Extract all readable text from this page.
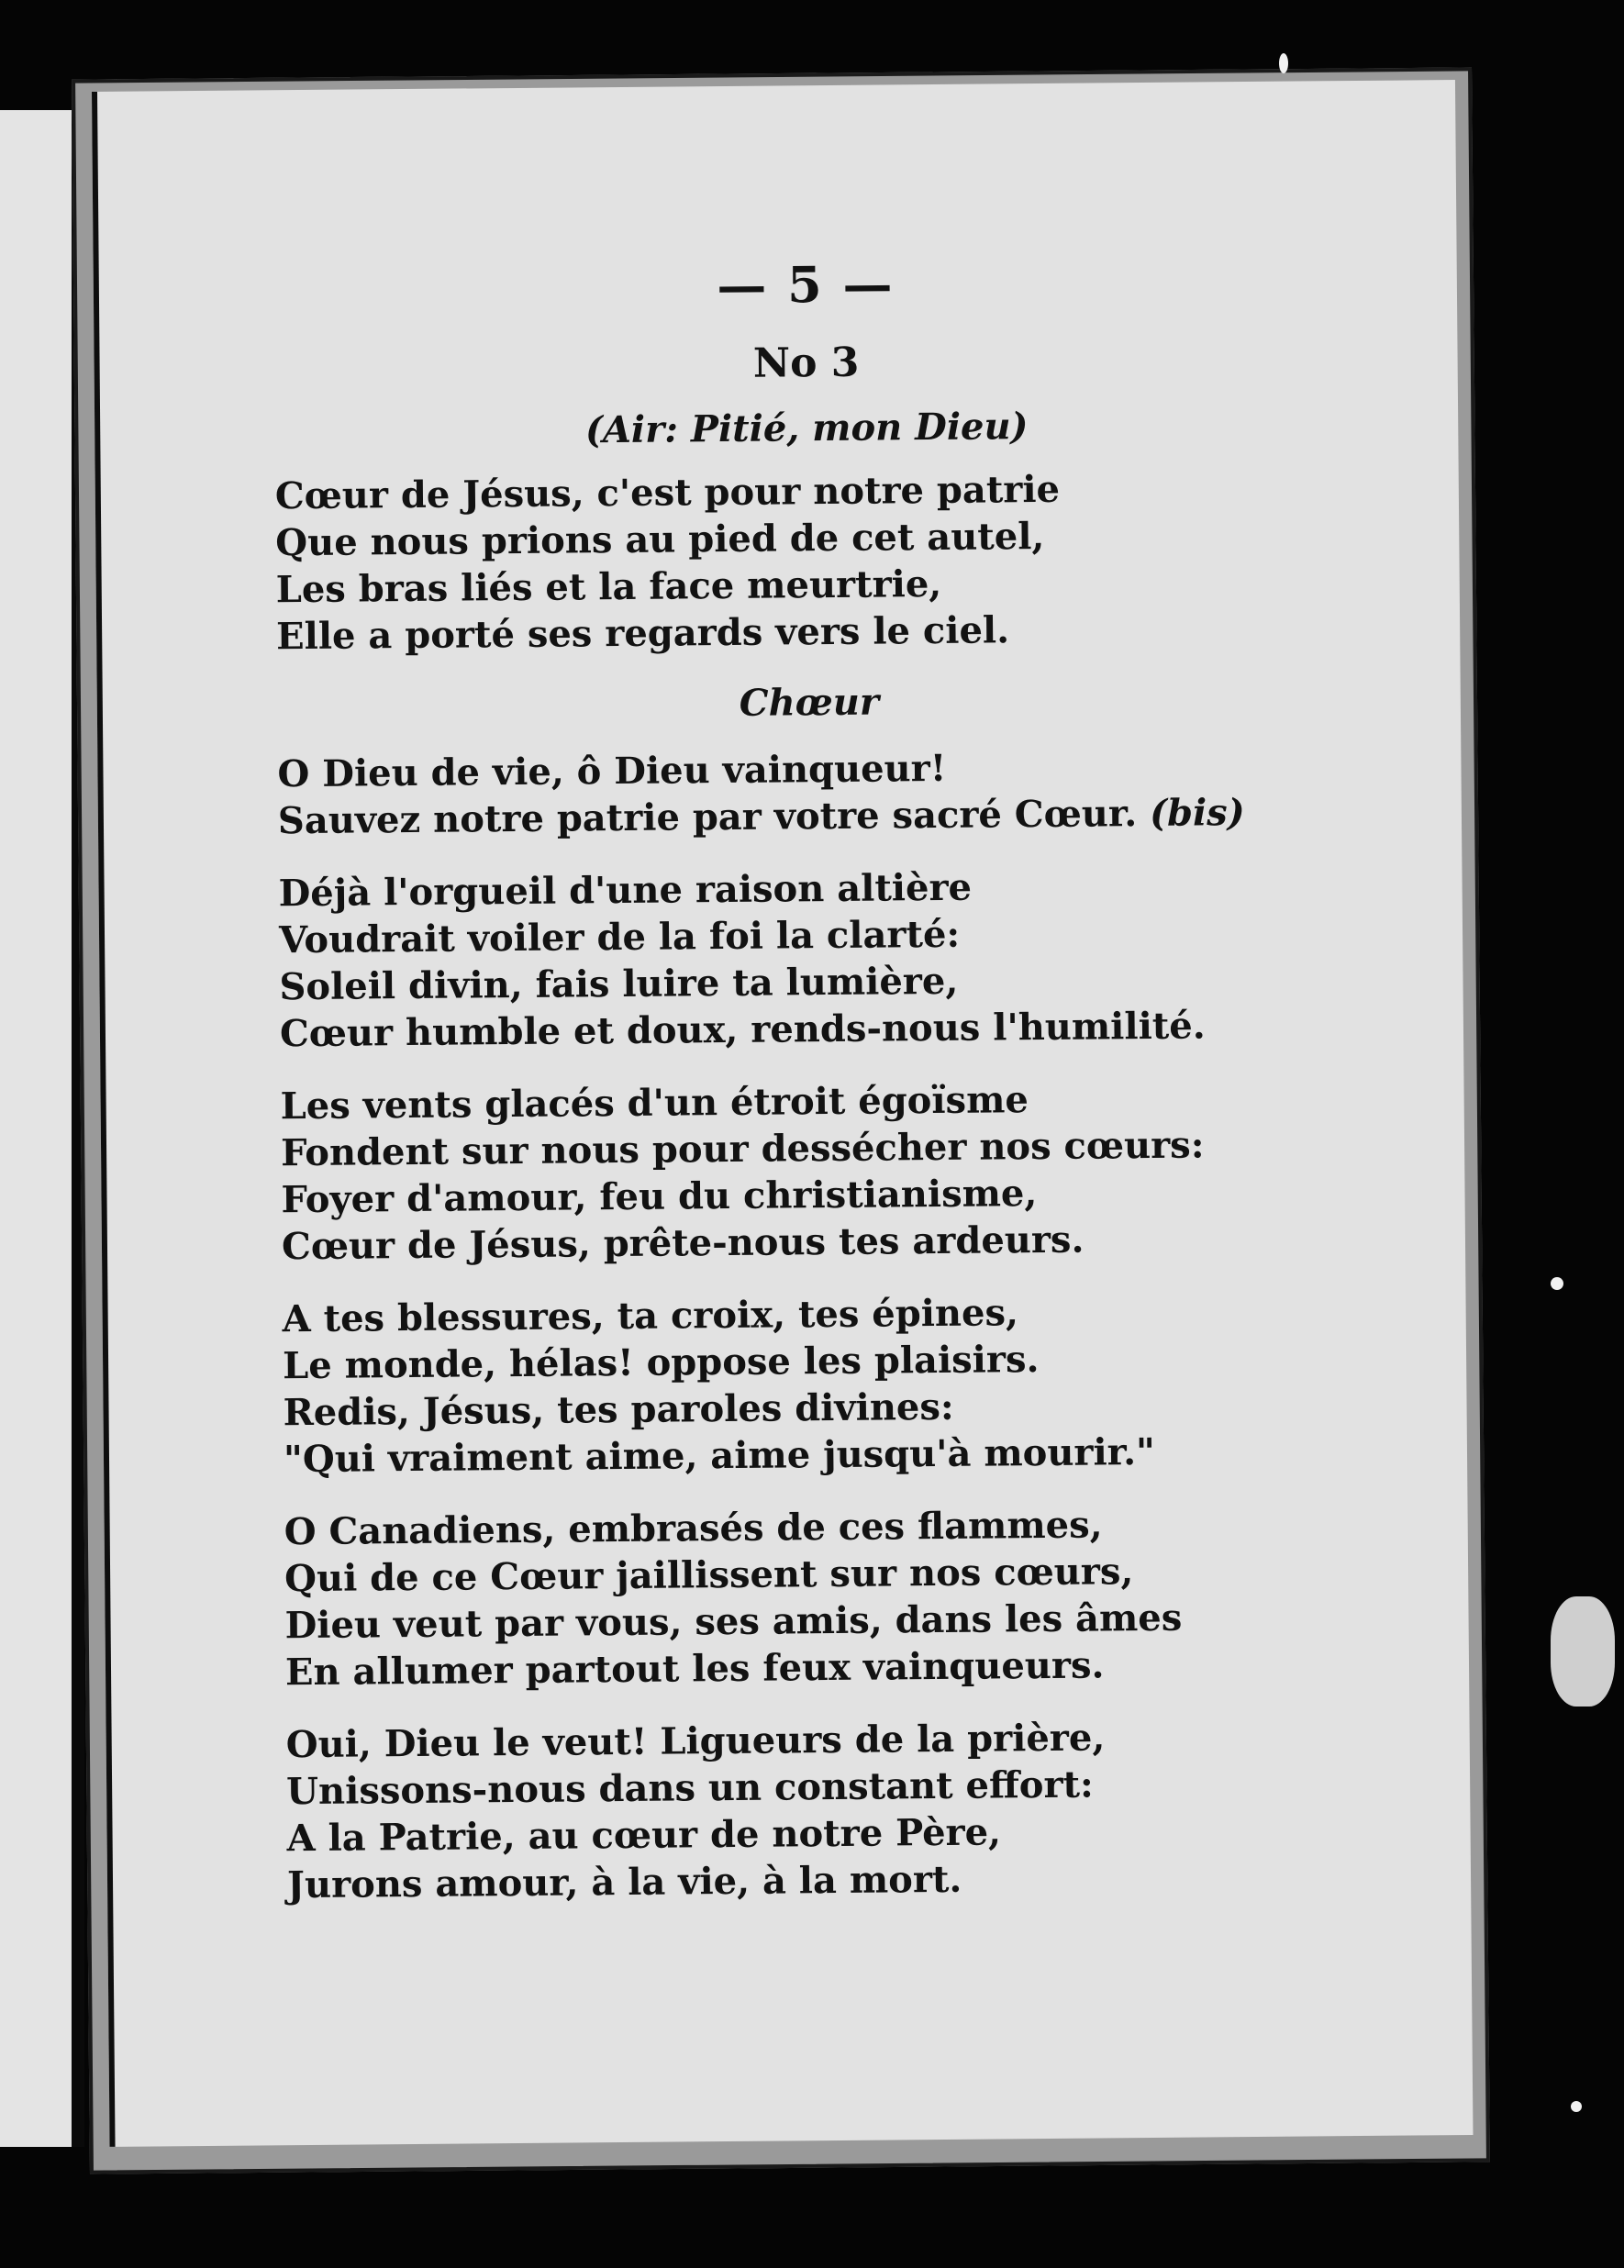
— 5 —
No 3
(Air: Pitié, mon Dieu)
Cœur de Jésus, c'est pour notre patrie
Que nous prions au pied de cet autel,
Les bras liés et la face meurtrie,
Elle a porté ses regards vers le ciel.
Chœur
O Dieu de vie, ô Dieu vainqueur!
Sauvez notre patrie par votre sacré Cœur. (bis)
Déjà l'orgueil d'une raison altière
Voudrait voiler de la foi la clarté:
Soleil divin, fais luire ta lumière,
Cœur humble et doux, rends-nous l'humilité.
Les vents glacés d'un étroit égoïsme
Fondent sur nous pour dessécher nos cœurs:
Foyer d'amour, feu du christianisme,
Cœur de Jésus, prête-nous tes ardeurs.
A tes blessures, ta croix, tes épines,
Le monde, hélas! oppose les plaisirs.
Redis, Jésus, tes paroles divines:
"Qui vraiment aime, aime jusqu'à mourir."
O Canadiens, embrasés de ces flammes,
Qui de ce Cœur jaillissent sur nos cœurs,
Dieu veut par vous, ses amis, dans les âmes
En allumer partout les feux vainqueurs.
Oui, Dieu le veut! Ligueurs de la prière,
Unissons-nous dans un constant effort:
A la Patrie, au cœur de notre Père,
Jurons amour, à la vie, à la mort.
